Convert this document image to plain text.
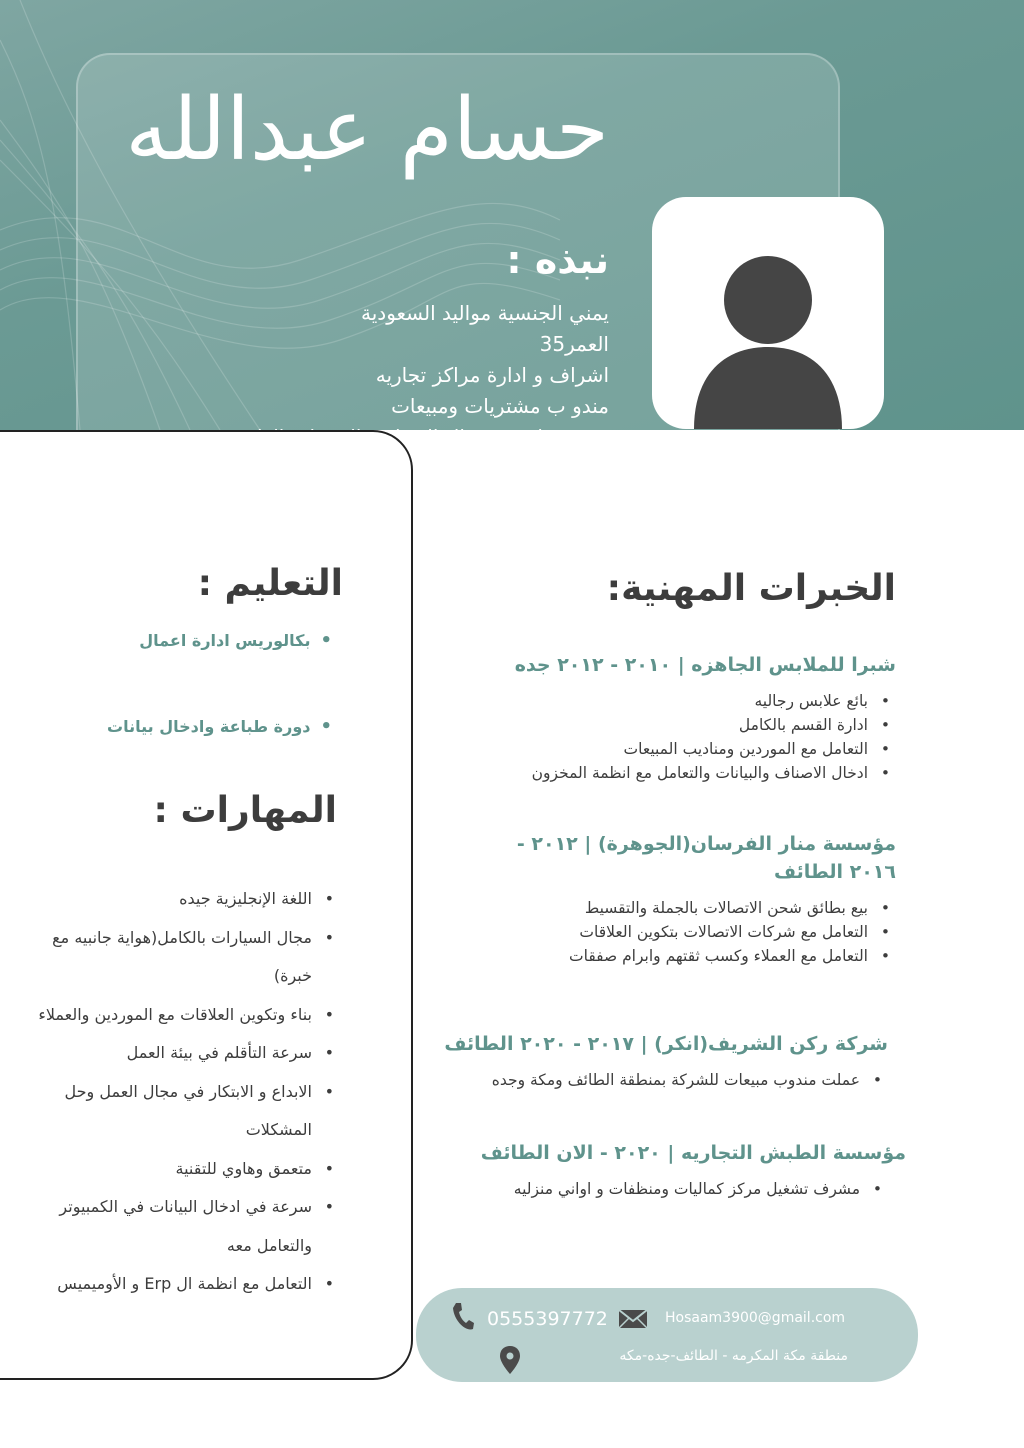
حسام عبدالله
نبذه :
يمني الجنسية مواليد السعودية
العمر35
اشراف و ادارة مراكز تجاريه
مندو ب مشتريات ومبيعات
التعليم :
• بكالوريس ادارة اعمال
• دورة طباعة وادخال بيانات
المهارات :
• اللغة الإنجليزية جيده
• مجال السيارات بالكامل(هواية جانبيه مع خبرة)
• بناء وتكوين العلاقات مع الموردين والعملاء
• سرعة التأقلم في بيئة العمل
• الابداع و الابتكار في مجال العمل وحل المشكلات
• متعمق وهاوي للتقنية
• سرعة في ادخال البيانات في الكمبيوتر والتعامل معه
• التعامل مع انظمة ال Erp و الأوميميس
الخبرات المهنية:
شبرا للملابس الجاهزه | ٢٠١٠ - ٢٠١٢ جده
• بائع علابس رجاليه
• ادارة القسم بالكامل
• التعامل مع الموردين ومناديب المبيعات
• ادخال الاصناف والبيانات والتعامل مع انظمة المخزون
مؤسسة منار الفرسان(الجوهرة) | ٢٠١٢ - ٢٠١٦ الطائف
• بيع بطائق شحن الاتصالات بالجملة والتقسيط
• التعامل مع شركات الاتصالات بتكوين العلاقات
• التعامل مع العملاء وكسب ثقتهم وابرام صفقات
شركة ركن الشريف(انكر) | ٢٠١٧ - ٢٠٢٠ الطائف
• عملت مندوب مبيعات للشركة بمنطقة الطائف ومكة وجده
مؤسسة الطبش التجاريه | ٢٠٢٠ - الان الطائف
• مشرف تشغيل مركز كماليات ومنظفات و اواني منزليه
0555397772	Hosaam3900@gmail.com
منطقة مكة المكرمه - الطائف-جده-مكه
